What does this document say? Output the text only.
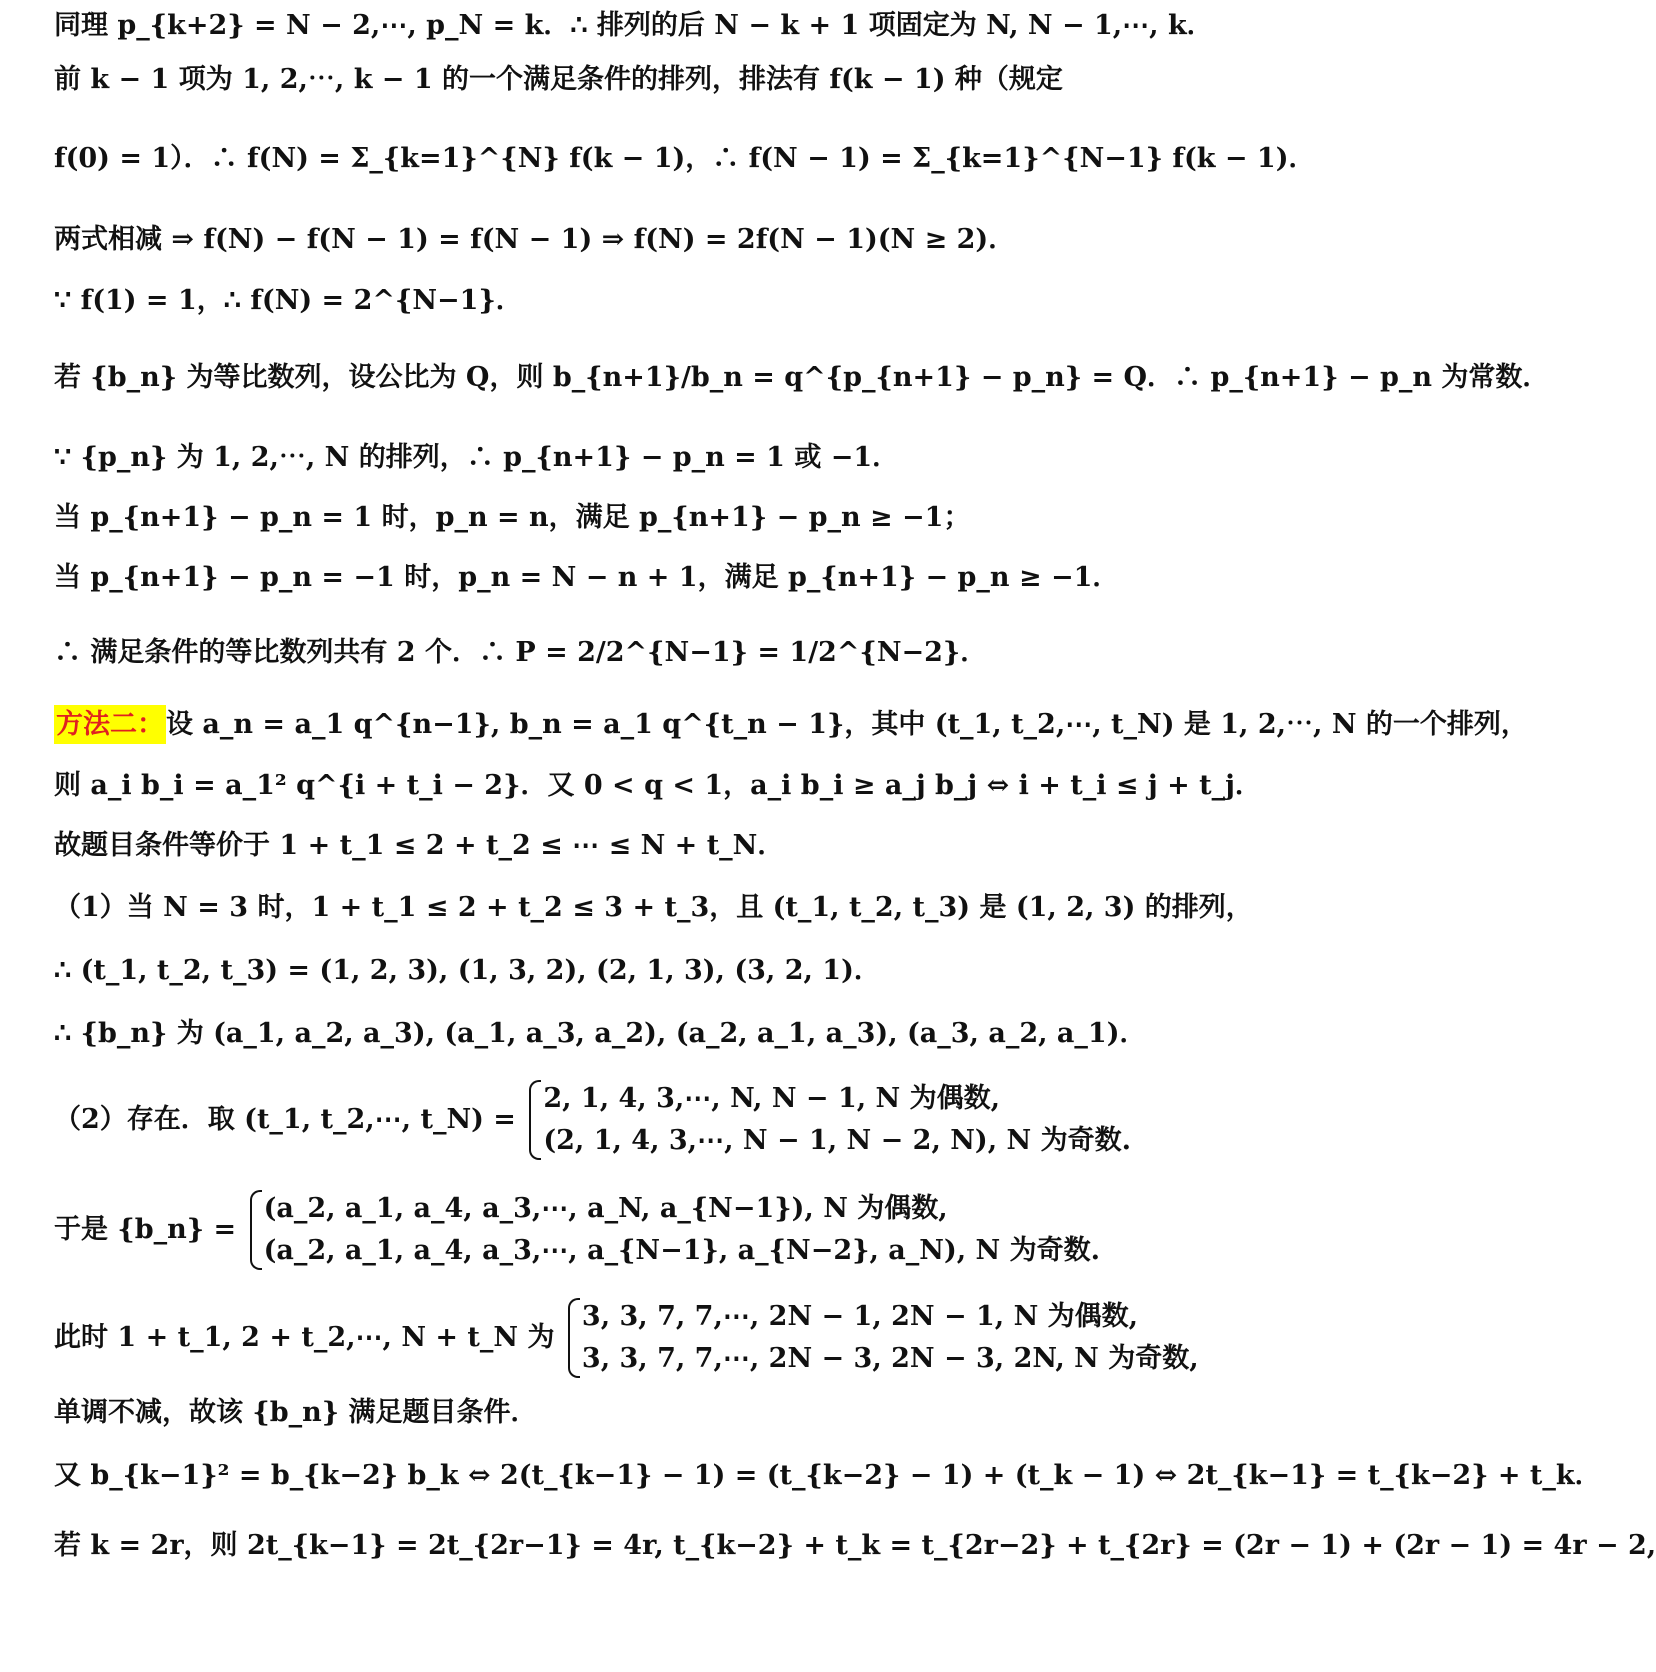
同理 p_{k+2} = N − 2,⋯, p_N = k．∴ 排列的后 N − k + 1 项固定为 N, N − 1,⋯, k．
前 k − 1 项为 1, 2,⋯, k − 1 的一个满足条件的排列，排法有 f(k − 1) 种（规定
f(0) = 1）．∴ f(N) = Σ_{k=1}^{N} f(k − 1)，∴ f(N − 1) = Σ_{k=1}^{N−1} f(k − 1)．
两式相减 ⇒ f(N) − f(N − 1) = f(N − 1) ⇒ f(N) = 2f(N − 1)(N ≥ 2)．
∵ f(1) = 1，∴ f(N) = 2^{N−1}．
若 {b_n} 为等比数列，设公比为 Q，则 b_{n+1}/b_n = q^{p_{n+1} − p_n} = Q．∴ p_{n+1} − p_n 为常数．
∵ {p_n} 为 1, 2,⋯, N 的排列，∴ p_{n+1} − p_n = 1 或 −1．
当 p_{n+1} − p_n = 1 时，p_n = n，满足 p_{n+1} − p_n ≥ −1；
当 p_{n+1} − p_n = −1 时，p_n = N − n + 1，满足 p_{n+1} − p_n ≥ −1．
∴ 满足条件的等比数列共有 2 个．∴ P = 2/2^{N−1} = 1/2^{N−2}．
方法二：设 a_n = a_1 q^{n−1}, b_n = a_1 q^{t_n − 1}，其中 (t_1, t_2,⋯, t_N) 是 1, 2,⋯, N 的一个排列，
则 a_i b_i = a_1² q^{i + t_i − 2}．又 0 < q < 1，a_i b_i ≥ a_j b_j ⇔ i + t_i ≤ j + t_j．
故题目条件等价于 1 + t_1 ≤ 2 + t_2 ≤ ⋯ ≤ N + t_N．
（1）当 N = 3 时，1 + t_1 ≤ 2 + t_2 ≤ 3 + t_3，且 (t_1, t_2, t_3) 是 (1, 2, 3) 的排列，
∴ (t_1, t_2, t_3) = (1, 2, 3), (1, 3, 2), (2, 1, 3), (3, 2, 1)．
∴ {b_n} 为 (a_1, a_2, a_3), (a_1, a_3, a_2), (a_2, a_1, a_3), (a_3, a_2, a_1)．
（2）存在．取 (t_1, t_2,⋯, t_N) =
2, 1, 4, 3,⋯, N, N − 1, N 为偶数,
(2, 1, 4, 3,⋯, N − 1, N − 2, N), N 为奇数.
于是 {b_n} =
(a_2, a_1, a_4, a_3,⋯, a_N, a_{N−1}), N 为偶数,
(a_2, a_1, a_4, a_3,⋯, a_{N−1}, a_{N−2}, a_N), N 为奇数.
此时 1 + t_1, 2 + t_2,⋯, N + t_N 为
3, 3, 7, 7,⋯, 2N − 1, 2N − 1, N 为偶数,
3, 3, 7, 7,⋯, 2N − 3, 2N − 3, 2N, N 为奇数,
单调不减，故该 {b_n} 满足题目条件．
又 b_{k−1}² = b_{k−2} b_k ⇔ 2(t_{k−1} − 1) = (t_{k−2} − 1) + (t_k − 1) ⇔ 2t_{k−1} = t_{k−2} + t_k．
若 k = 2r，则 2t_{k−1} = 2t_{2r−1} = 4r, t_{k−2} + t_k = t_{2r−2} + t_{2r} = (2r − 1) + (2r − 1) = 4r − 2,
